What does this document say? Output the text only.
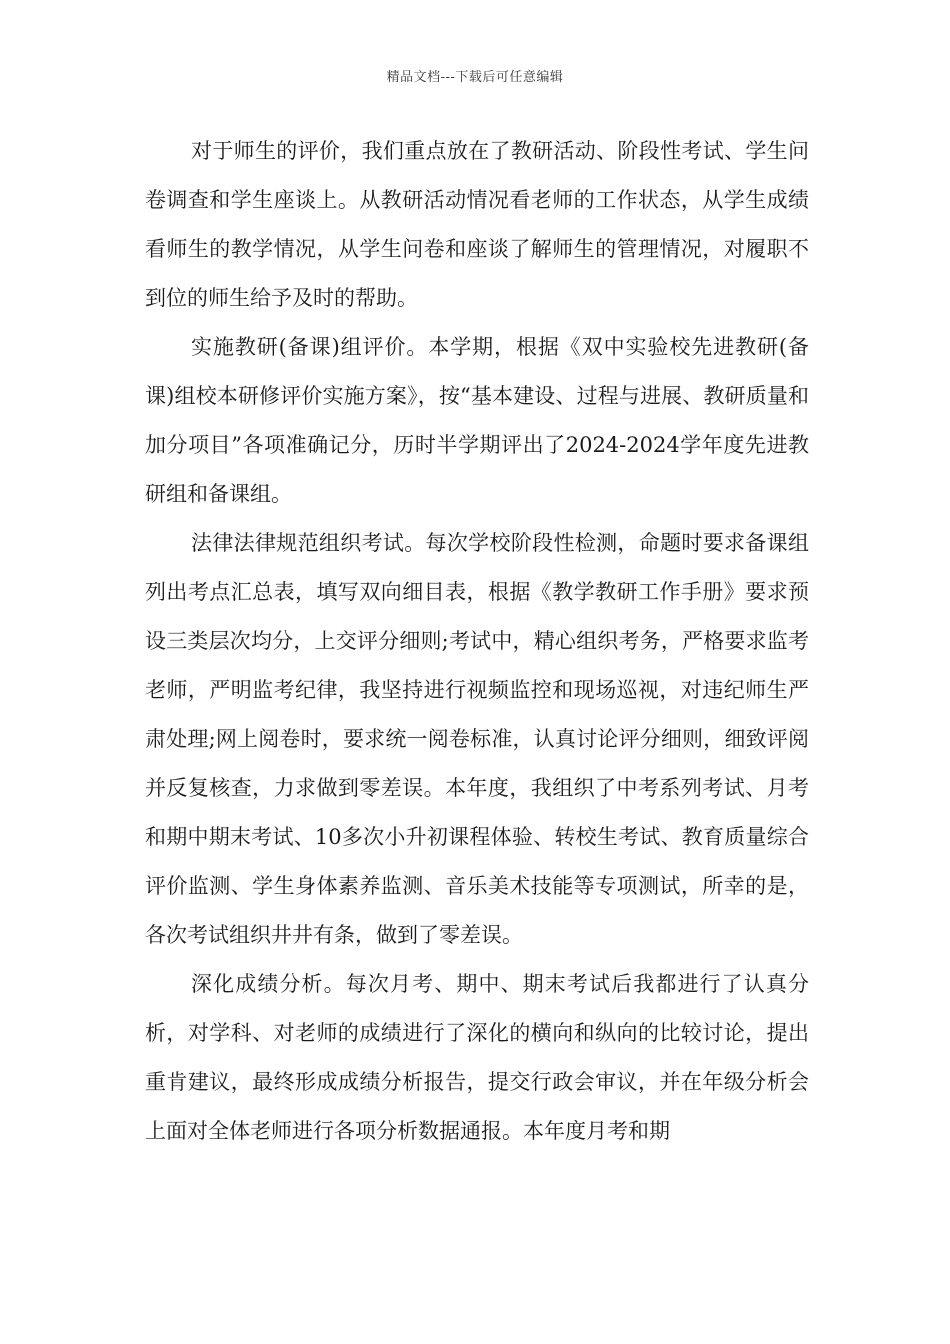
精品文档---下载后可任意编辑

对于师生的评价，我们重点放在了教研活动、阶段性考试、学生问卷调查和学生座谈上。从教研活动情况看老师的工作状态，从学生成绩看师生的教学情况，从学生问卷和座谈了解师生的管理情况，对履职不到位的师生给予及时的帮助。

实施教研(备课)组评价。本学期，根据《双中实验校先进教研(备课)组校本研修评价实施方案》，按“基本建设、过程与进展、教研质量和加分项目”各项准确记分，历时半学期评出了2024-2024学年度先进教研组和备课组。

法律法律规范组织考试。每次学校阶段性检测，命题时要求备课组列出考点汇总表，填写双向细目表，根据《教学教研工作手册》要求预设三类层次均分，上交评分细则;考试中，精心组织考务，严格要求监考老师，严明监考纪律，我坚持进行视频监控和现场巡视，对违纪师生严肃处理;网上阅卷时，要求统一阅卷标准，认真讨论评分细则，细致评阅并反复核查，力求做到零差误。本年度，我组织了中考系列考试、月考和期中期末考试、10多次小升初课程体验、转校生考试、教育质量综合评价监测、学生身体素养监测、音乐美术技能等专项测试，所幸的是，各次考试组织井井有条，做到了零差误。

深化成绩分析。每次月考、期中、期末考试后我都进行了认真分析，对学科、对老师的成绩进行了深化的横向和纵向的比较讨论，提出重肯建议，最终形成成绩分析报告，提交行政会审议，并在年级分析会上面对全体老师进行各项分析数据通报。本年度月考和期
